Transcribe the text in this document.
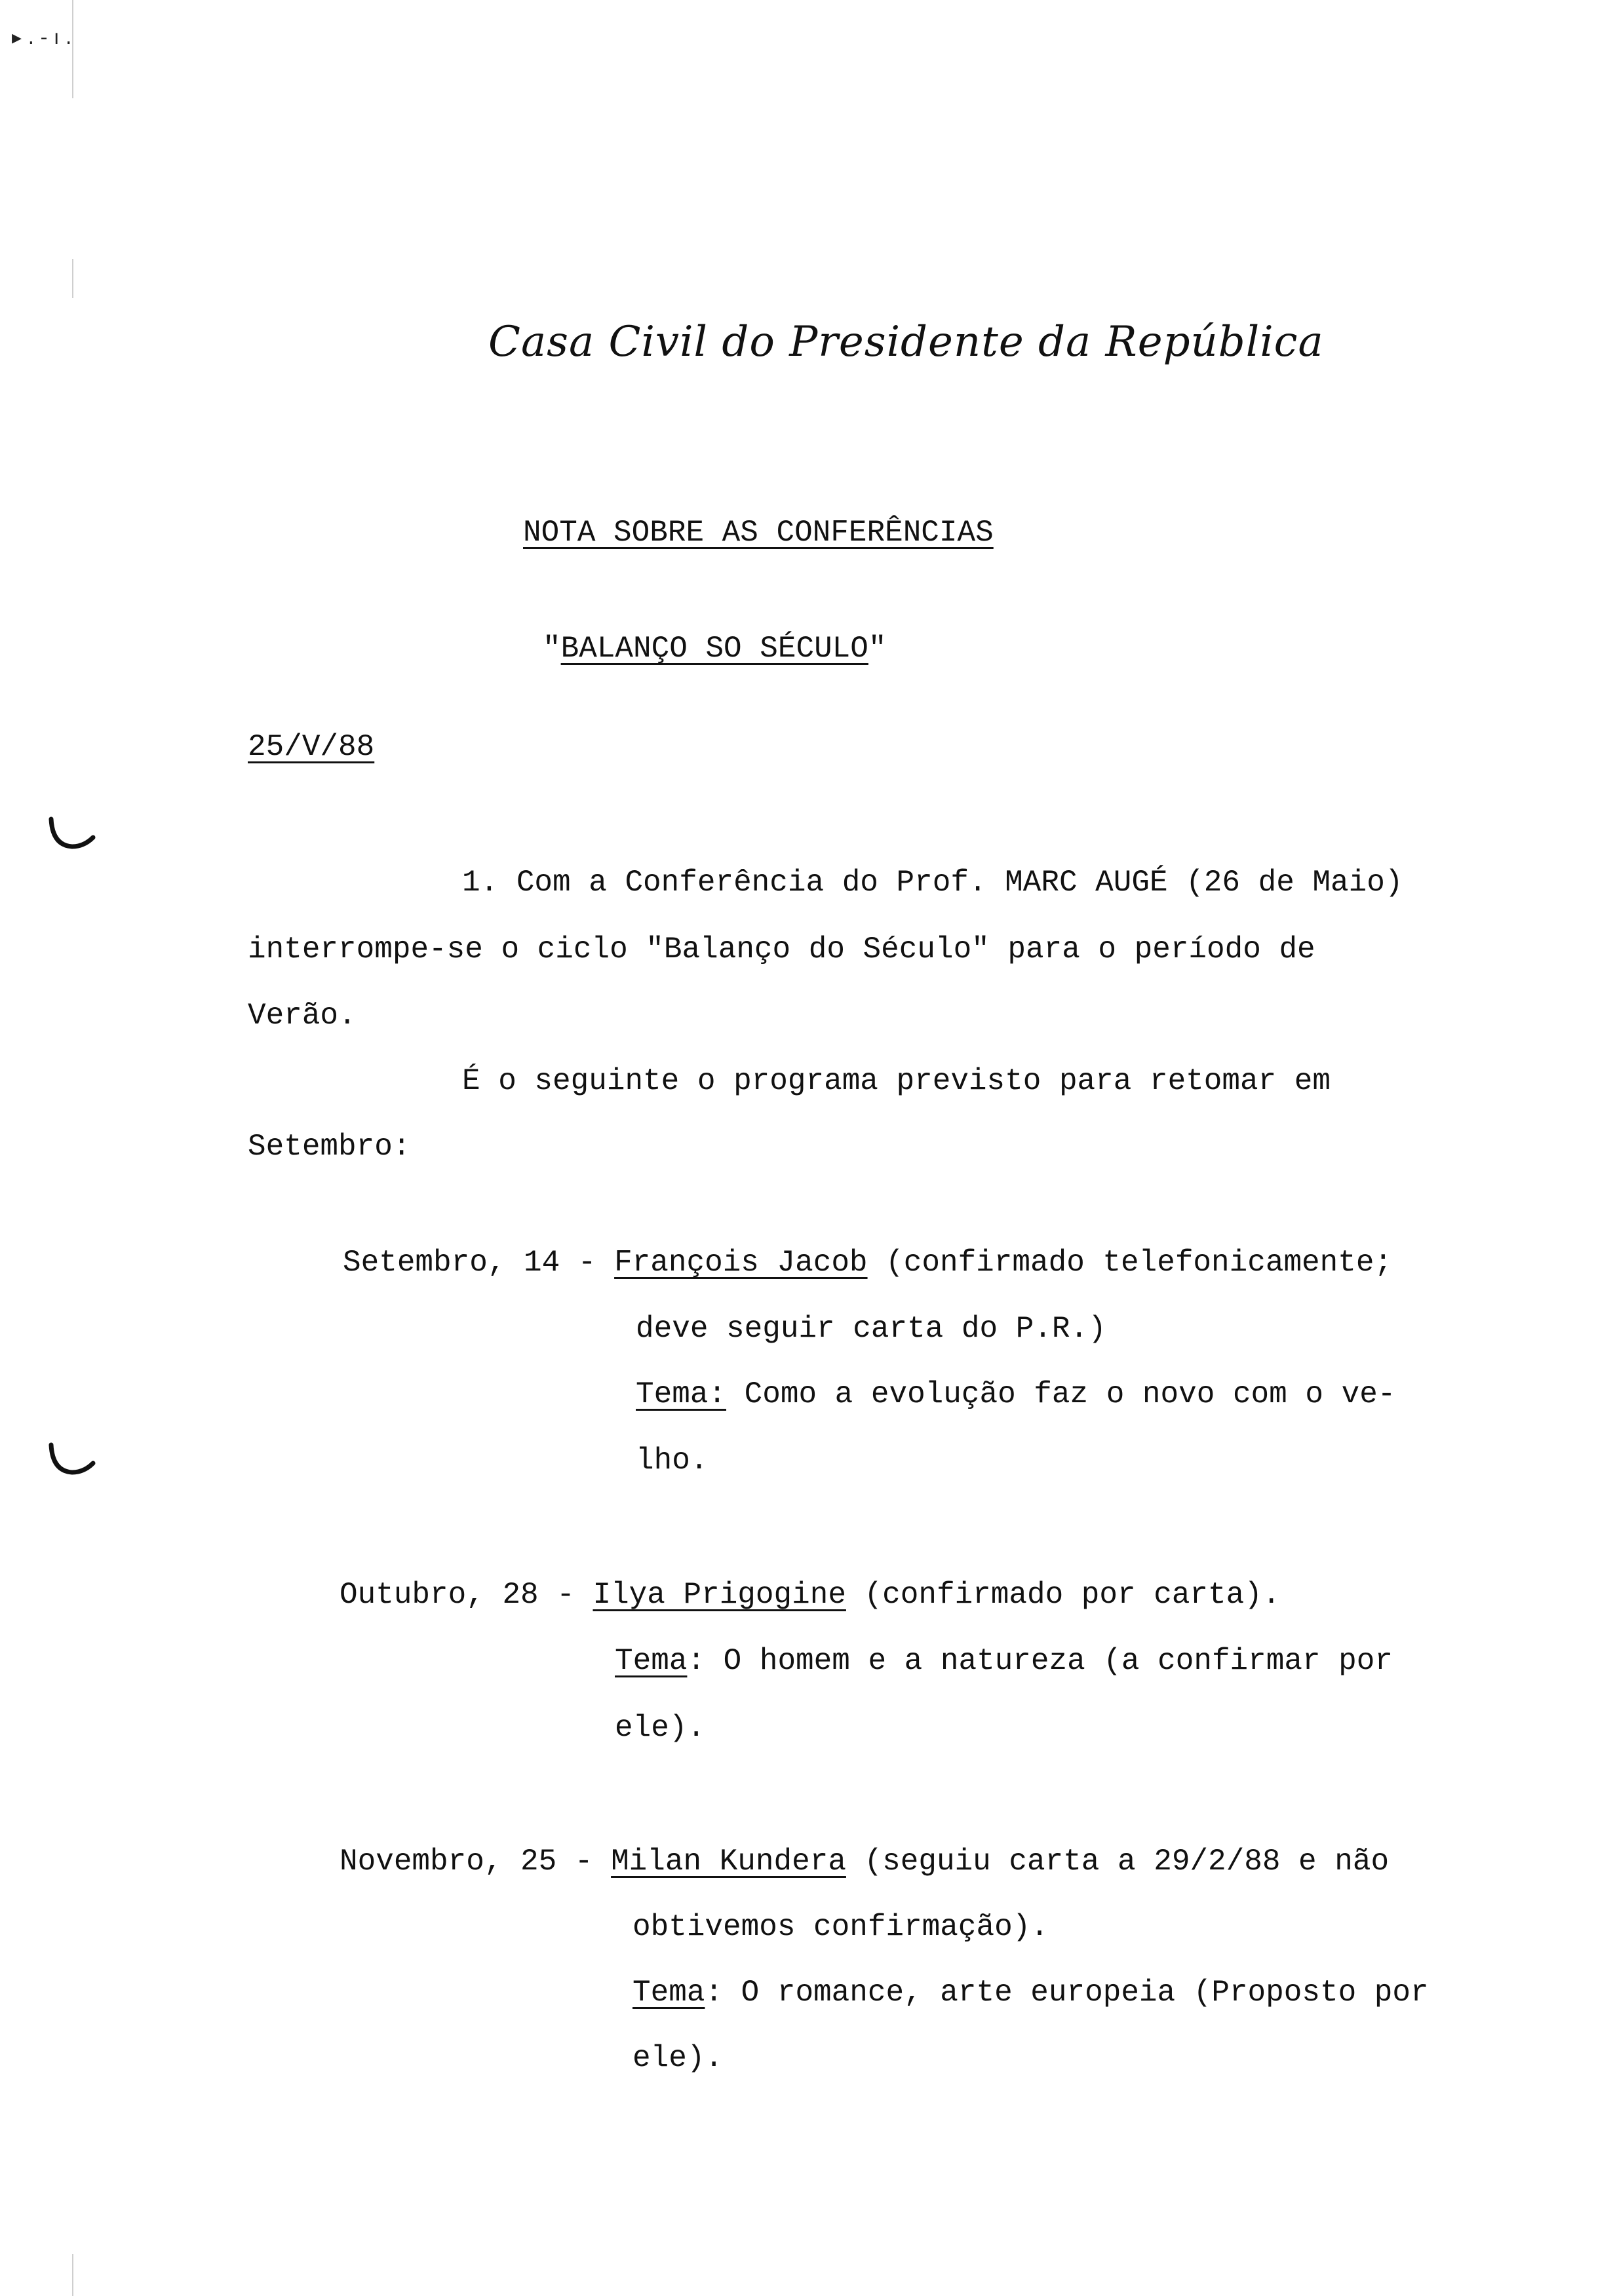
▸ . - ı .
Casa Civil do Presidente da República
NOTA SOBRE AS CONFERÊNCIAS
"BALANÇO SO SÉCULO"
25/V/88
1. Com a Conferência do Prof. MARC AUGÉ (26 de Maio)
interrompe-se o ciclo "Balanço do Século" para o período de
Verão.
É o seguinte o programa previsto para retomar em
Setembro:
Setembro, 14 - François Jacob (confirmado telefonicamente;
deve seguir carta do P.R.)
Tema: Como a evolução faz o novo com o ve-
lho.
Outubro, 28 - Ilya Prigogine (confirmado por carta).
Tema: O homem e a natureza (a confirmar por
ele).
Novembro, 25 - Milan Kundera (seguiu carta a 29/2/88 e não
obtivemos confirmação).
Tema: O romance, arte europeia (Proposto por
ele).
